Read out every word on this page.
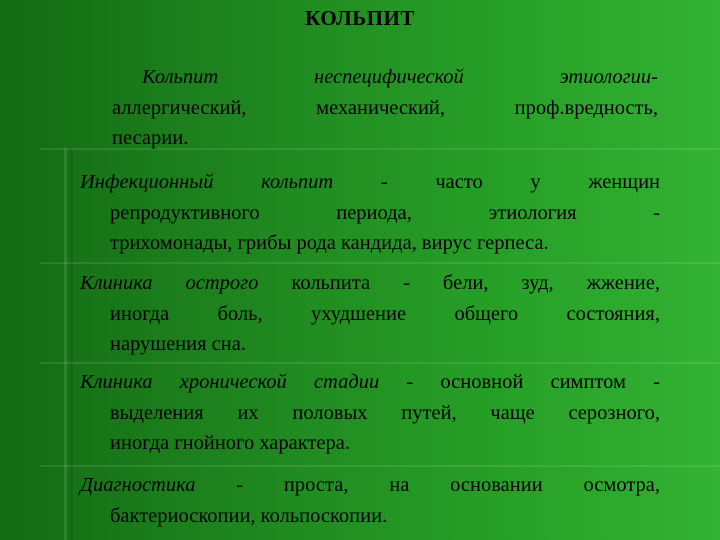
КОЛЬПИТ
Кольпит неспецифической этиологии-
аллергический, механический, проф.вредность,
песарии.
Инфекционный кольпит - часто у женщин
репродуктивного периода, этиология -
трихомонады, грибы рода кандида, вирус герпеса.
Клиника острого кольпита - бели, зуд, жжение,
иногда боль, ухудшение общего состояния,
нарушения сна.
Клиника хронической стадии - основной симптом -
выделения их половых путей, чаще серозного,
иногда гнойного характера.
Диагностика - проста, на основании осмотра,
бактериоскопии, кольпоскопии.
